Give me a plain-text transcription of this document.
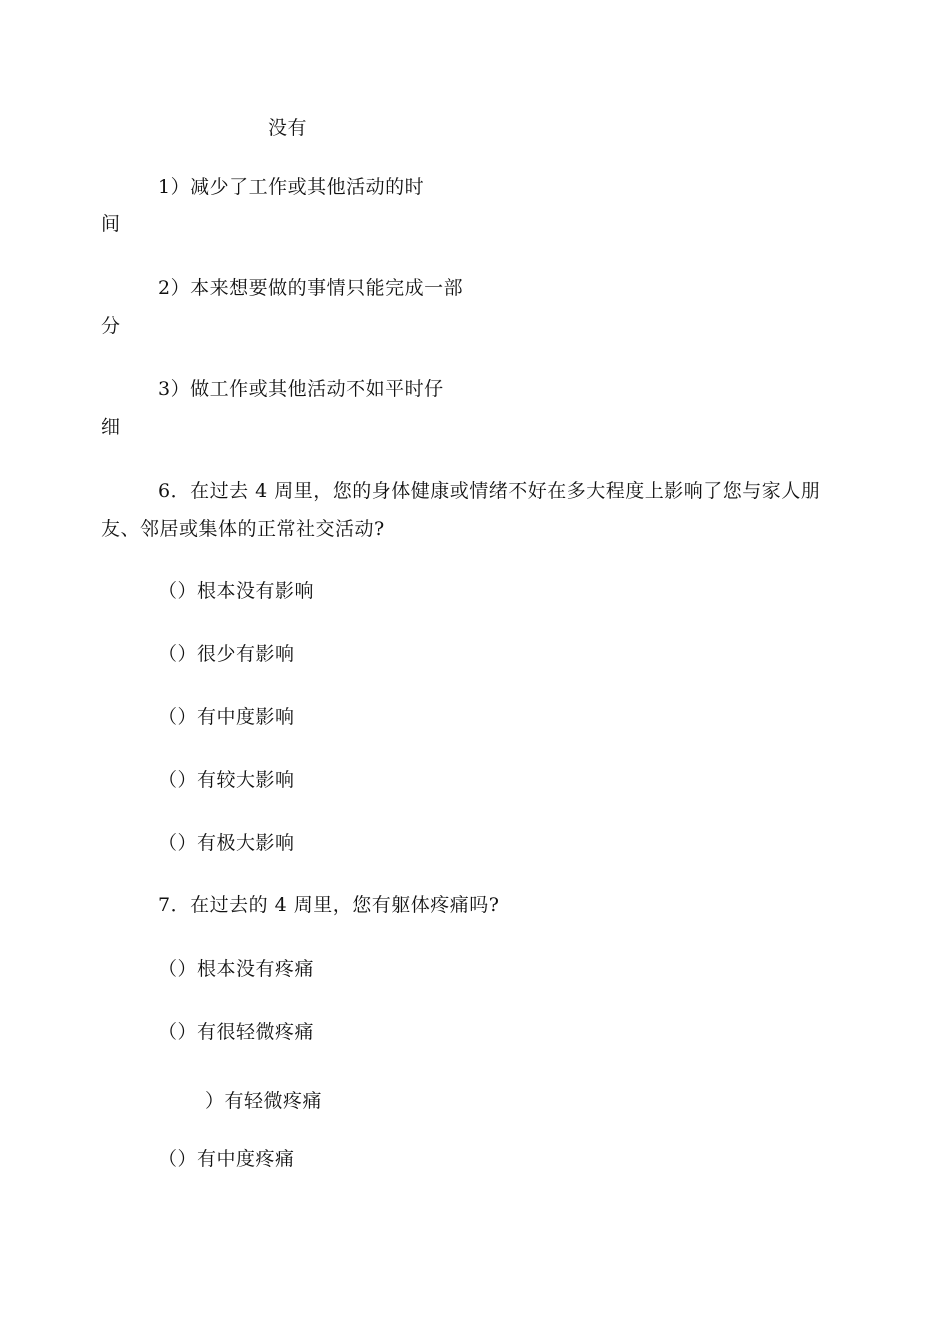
没有
1）减少了工作或其他活动的时
间
2）本来想要做的事情只能完成一部
分
3）做工作或其他活动不如平时仔
细
6．在过去 4 周里，您的身体健康或情绪不好在多大程度上影响了您与家人朋
友、邻居或集体的正常社交活动?
（）根本没有影响
（）很少有影响
（）有中度影响
（）有较大影响
（）有极大影响
7．在过去的 4 周里，您有躯体疼痛吗?
（）根本没有疼痛
（）有很轻微疼痛
）有轻微疼痛
（）有中度疼痛
